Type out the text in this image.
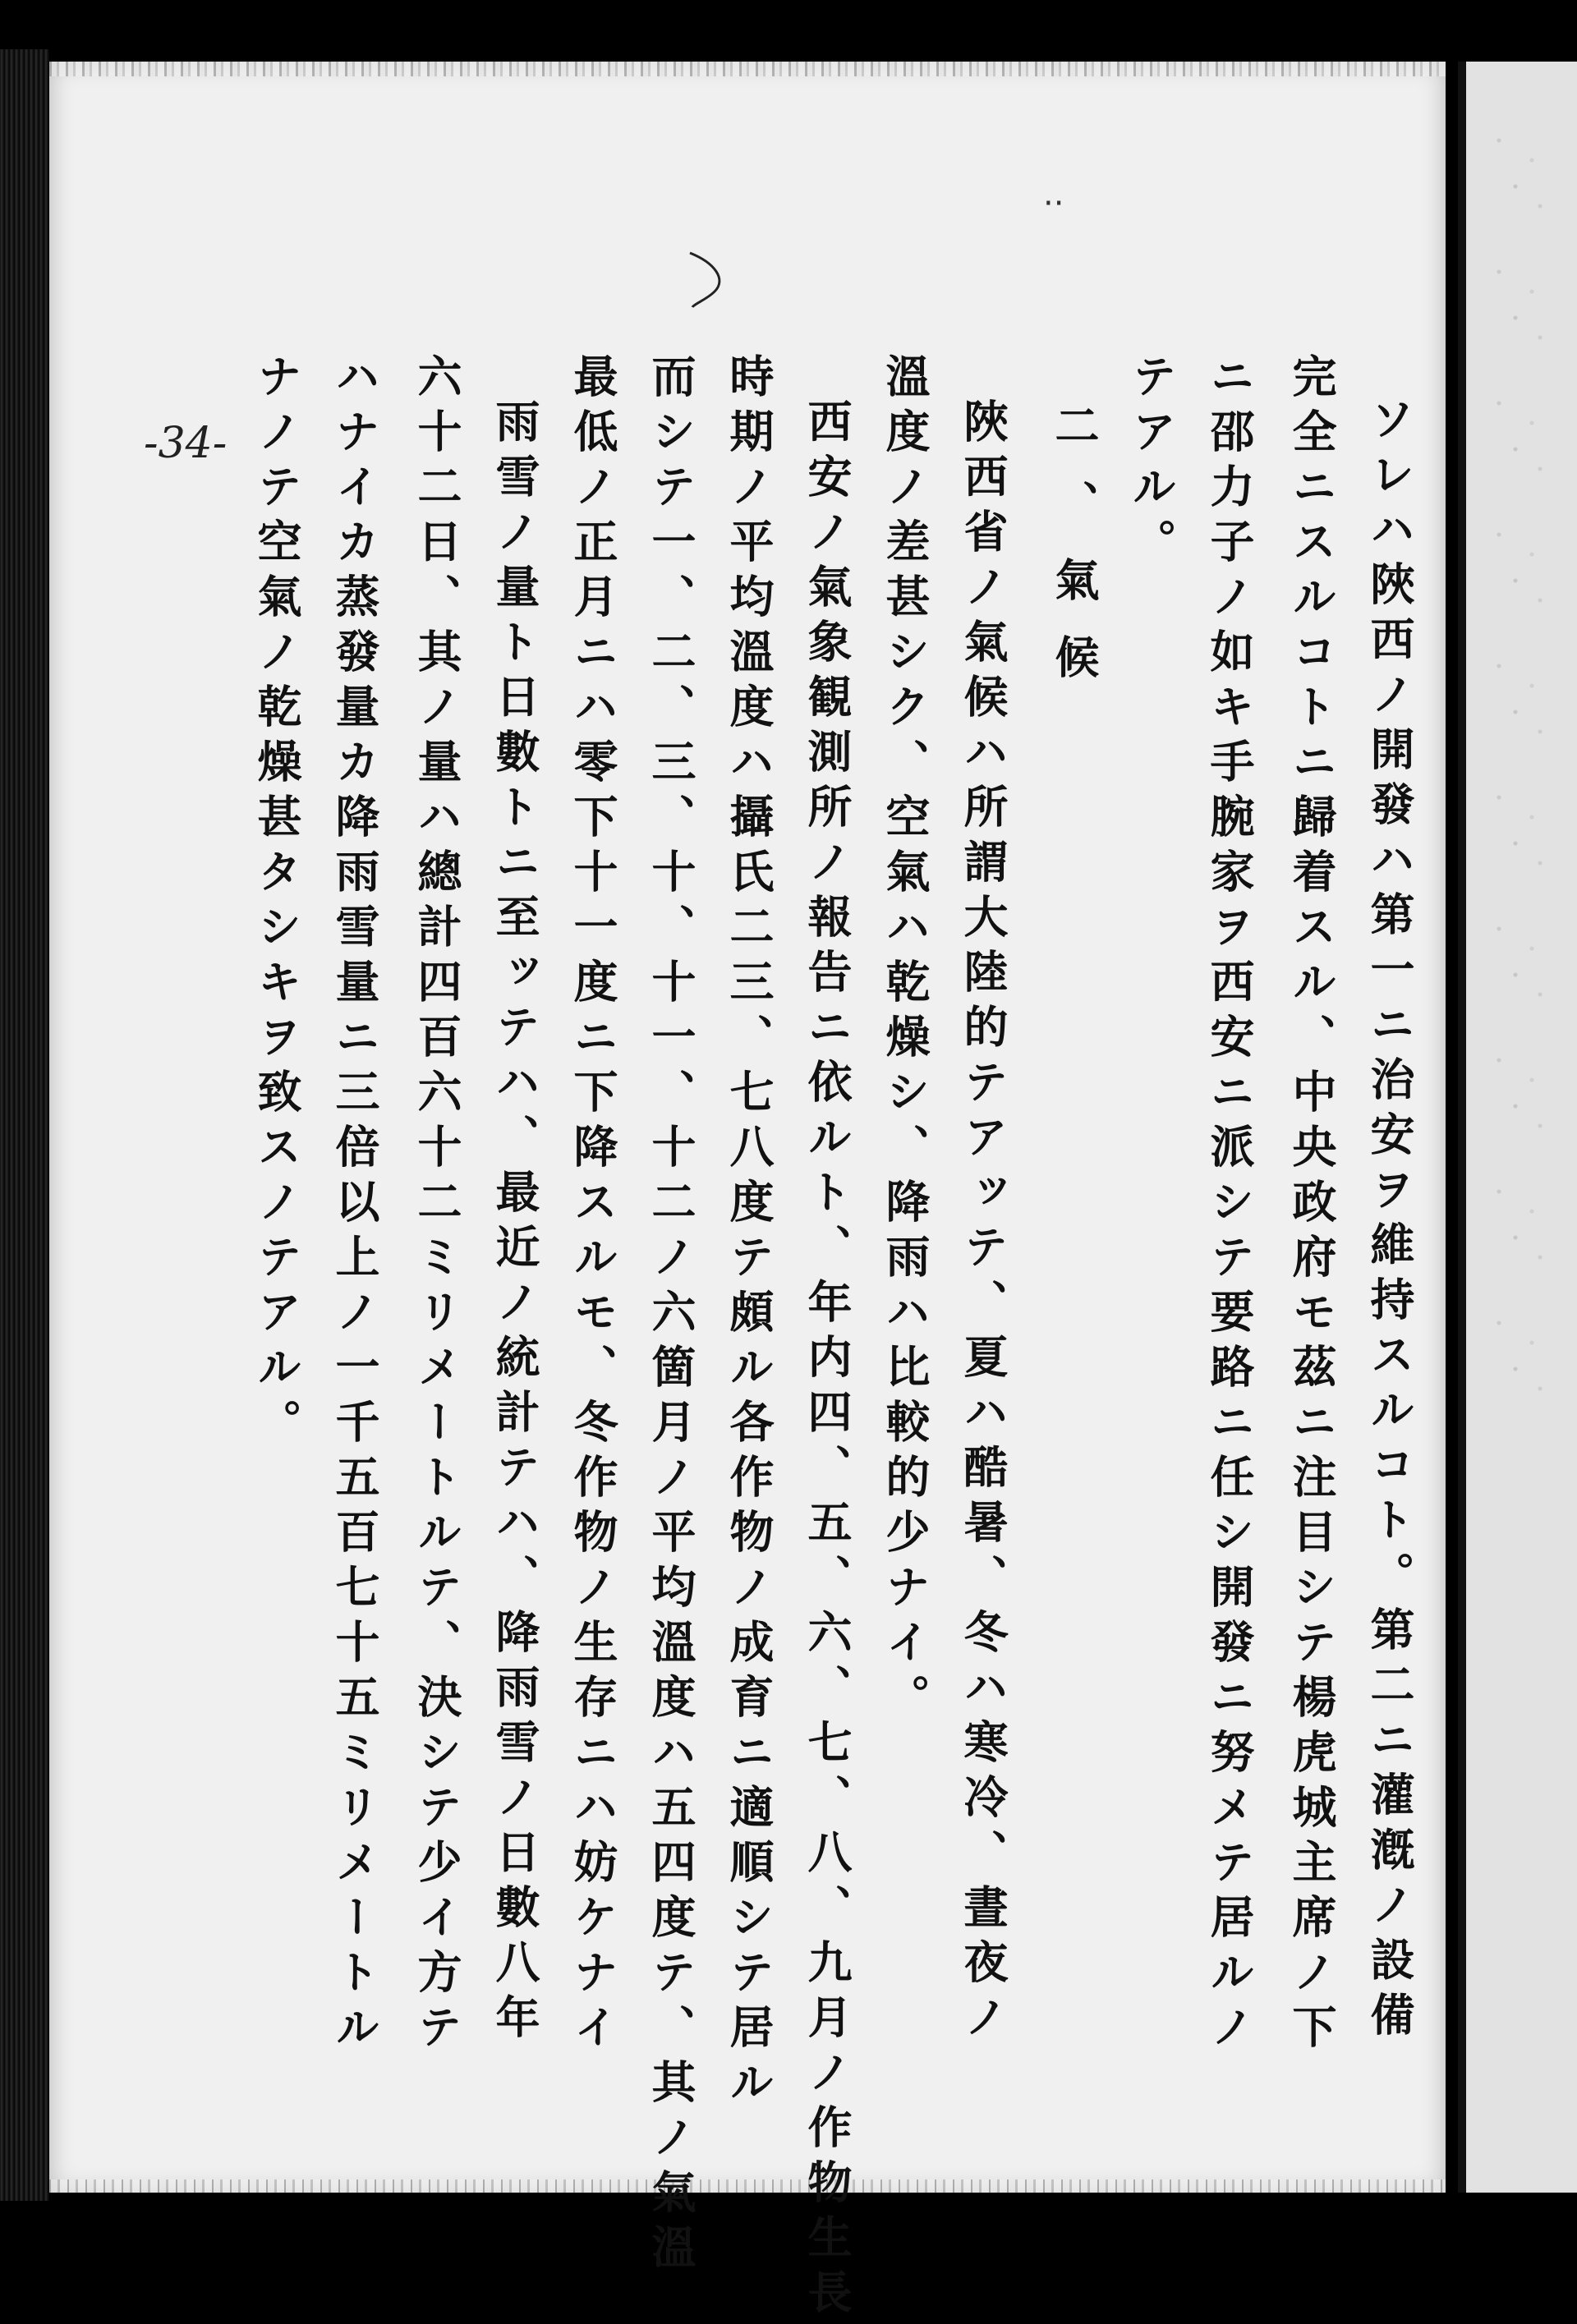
··
ソレハ陜西ノ開發ハ第一ニ治安ヲ維持スルコト。第二ニ灌漑ノ設備
完全ニスルコトニ歸着スル、中央政府モ茲ニ注目シテ楊虎城主席ノ下
ニ邵力子ノ如キ手腕家ヲ西安ニ派シテ要路ニ任シ開發ニ努メテ居ルノ
テアル。
二、氣候
陜西省ノ氣候ハ所謂大陸的テアッテ、夏ハ酷暑、冬ハ寒冷、晝夜ノ
溫度ノ差甚シク、空氣ハ乾燥シ、降雨ハ比較的少ナイ。
西安ノ氣象観測所ノ報告ニ依ルト、年内四、五、六、七、八、九月ノ作物生長
時期ノ平均溫度ハ攝氏二三、七八度テ頗ル各作物ノ成育ニ適順シテ居ル
而シテ一、二、三、十、十一、十二ノ六箇月ノ平均溫度ハ五四度テ、其ノ氣溫
最低ノ正月ニハ零下十一度ニ下降スルモ、冬作物ノ生存ニハ妨ケナイ
雨雪ノ量ト日數トニ至ッテハ、最近ノ統計テハ、降雨雪ノ日數八年
六十二日、其ノ量ハ總計四百六十二ミリメートルテ、決シテ少イ方テ
ハナイカ蒸發量カ降雨雪量ニ三倍以上ノ一千五百七十五ミリメートル
ナノテ空氣ノ乾燥甚タシキヲ致スノテアル。
-34-
